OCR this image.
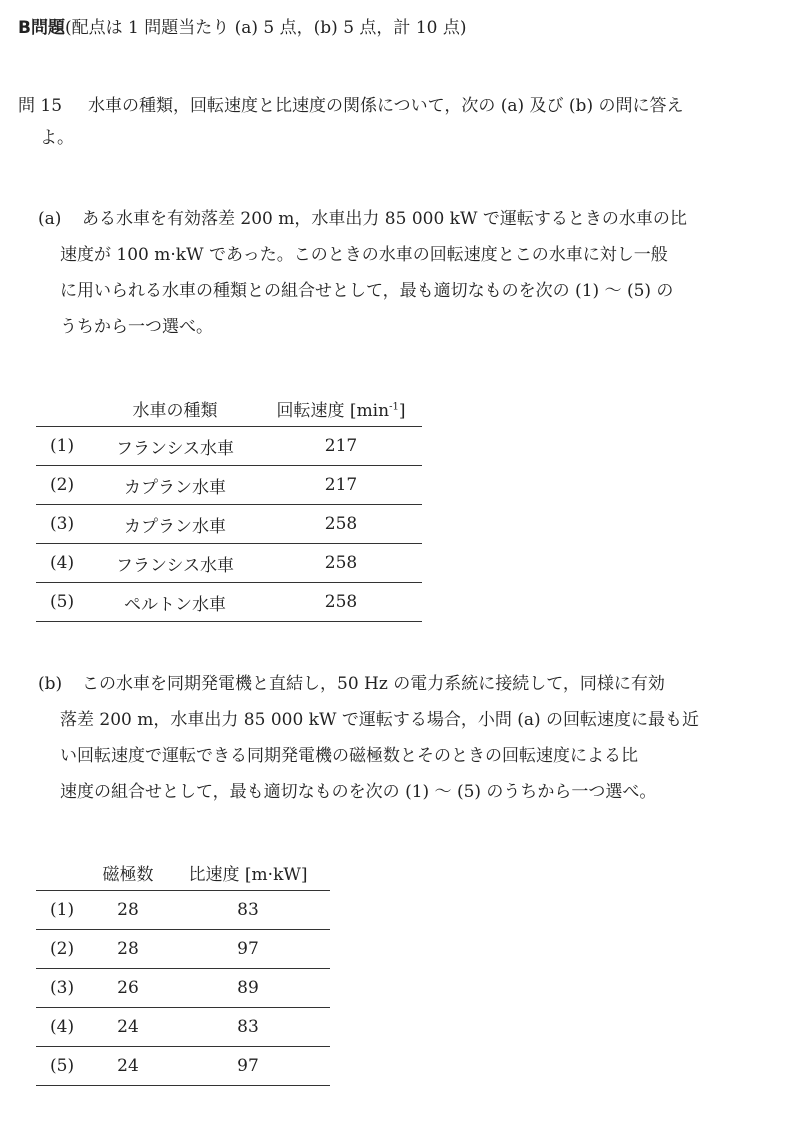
B問題(配点は 1 問題当たり (a) 5 点，(b) 5 点，計 10 点)
問 15 水車の種類，回転速度と比速度の関係について，次の (a) 及び (b) の問に答え
よ。
(a) ある水車を有効落差 200 m，水車出力 85 000 kW で運転するときの水車の比
速度が 100 m·kW であった。このときの水車の回転速度とこの水車に対し一般
に用いられる水車の種類との組合せとして，最も適切なものを次の (1) ～ (5) の
うちから一つ選べ。
	水車の種類	回転速度 $[\min^{-1}]$
(1)	フランシス水車	217
(2)	カプラン水車	217
(3)	カプラン水車	258
(4)	フランシス水車	258
(5)	ペルトン水車	258
(b) この水車を同期発電機と直結し，50 Hz の電力系統に接続して，同様に有効
落差 200 m，水車出力 85 000 kW で運転する場合，小問 (a) の回転速度に最も近
い回転速度で運転できる同期発電機の磁極数とそのときの回転速度による比
速度の組合せとして，最も適切なものを次の (1) ～ (5) のうちから一つ選べ。
	磁極数	比速度 [m·kW]
(1)	28	83
(2)	28	97
(3)	26	89
(4)	24	83
(5)	24	97
